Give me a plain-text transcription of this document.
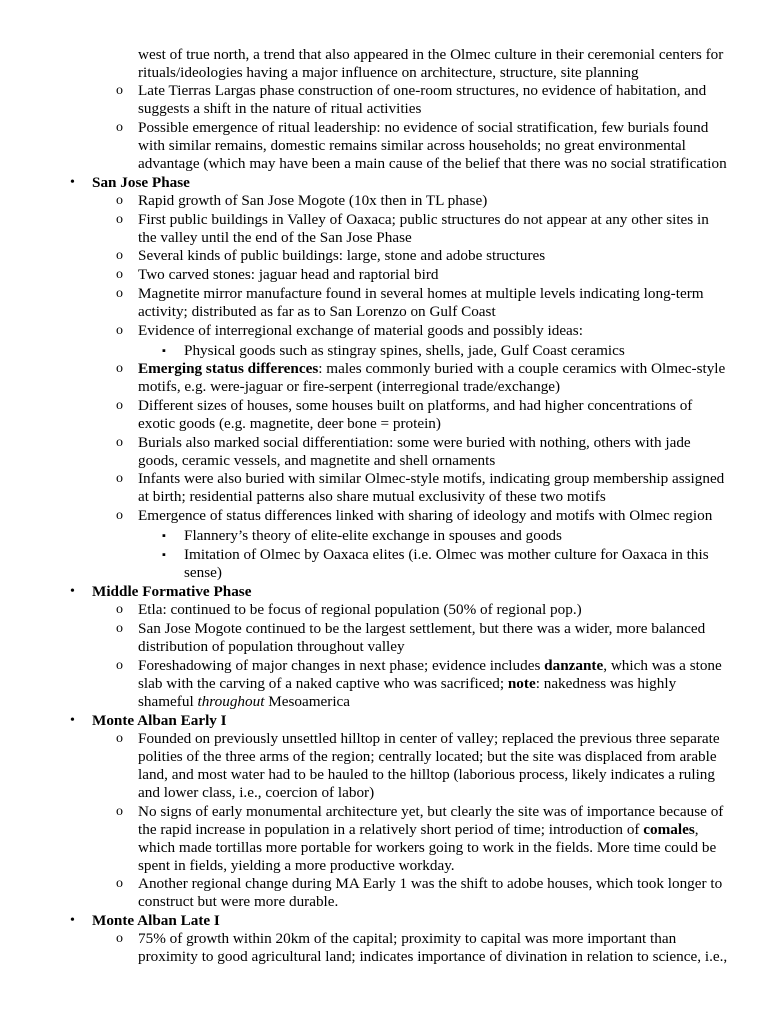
west of true north, a trend that also appeared in the Olmec culture in their ceremonial centers for
rituals/ideologies having a major influence on architecture, structure, site planning
o Late Tierras Largas phase construction of one-room structures, no evidence of habitation, and
suggests a shift in the nature of ritual activities
o Possible emergence of ritual leadership: no evidence of social stratification, few burials found
with similar remains, domestic remains similar across households; no great environmental
advantage (which may have been a main cause of the belief that there was no social stratification
• San Jose Phase
o Rapid growth of San Jose Mogote (10x then in TL phase)
o First public buildings in Valley of Oaxaca; public structures do not appear at any other sites in
the valley until the end of the San Jose Phase
o Several kinds of public buildings: large, stone and adobe structures
o Two carved stones: jaguar head and raptorial bird
o Magnetite mirror manufacture found in several homes at multiple levels indicating long-term
activity; distributed as far as to San Lorenzo on Gulf Coast
o Evidence of interregional exchange of material goods and possibly ideas:
▪ Physical goods such as stingray spines, shells, jade, Gulf Coast ceramics
o Emerging status differences: males commonly buried with a couple ceramics with Olmec-style
motifs, e.g. were-jaguar or fire-serpent (interregional trade/exchange)
o Different sizes of houses, some houses built on platforms, and had higher concentrations of
exotic goods (e.g. magnetite, deer bone = protein)
o Burials also marked social differentiation: some were buried with nothing, others with jade
goods, ceramic vessels, and magnetite and shell ornaments
o Infants were also buried with similar Olmec-style motifs, indicating group membership assigned
at birth; residential patterns also share mutual exclusivity of these two motifs
o Emergence of status differences linked with sharing of ideology and motifs with Olmec region
▪ Flannery’s theory of elite-elite exchange in spouses and goods
▪ Imitation of Olmec by Oaxaca elites (i.e. Olmec was mother culture for Oaxaca in this
sense)
• Middle Formative Phase
o Etla: continued to be focus of regional population (50% of regional pop.)
o San Jose Mogote continued to be the largest settlement, but there was a wider, more balanced
distribution of population throughout valley
o Foreshadowing of major changes in next phase; evidence includes danzante, which was a stone
slab with the carving of a naked captive who was sacrificed; note: nakedness was highly
shameful throughout Mesoamerica
• Monte Alban Early I
o Founded on previously unsettled hilltop in center of valley; replaced the previous three separate
polities of the three arms of the region; centrally located; but the site was displaced from arable
land, and most water had to be hauled to the hilltop (laborious process, likely indicates a ruling
and lower class, i.e., coercion of labor)
o No signs of early monumental architecture yet, but clearly the site was of importance because of
the rapid increase in population in a relatively short period of time; introduction of comales,
which made tortillas more portable for workers going to work in the fields. More time could be
spent in fields, yielding a more productive workday.
o Another regional change during MA Early 1 was the shift to adobe houses, which took longer to
construct but were more durable.
• Monte Alban Late I
o 75% of growth within 20km of the capital; proximity to capital was more important than
proximity to good agricultural land; indicates importance of divination in relation to science, i.e.,
